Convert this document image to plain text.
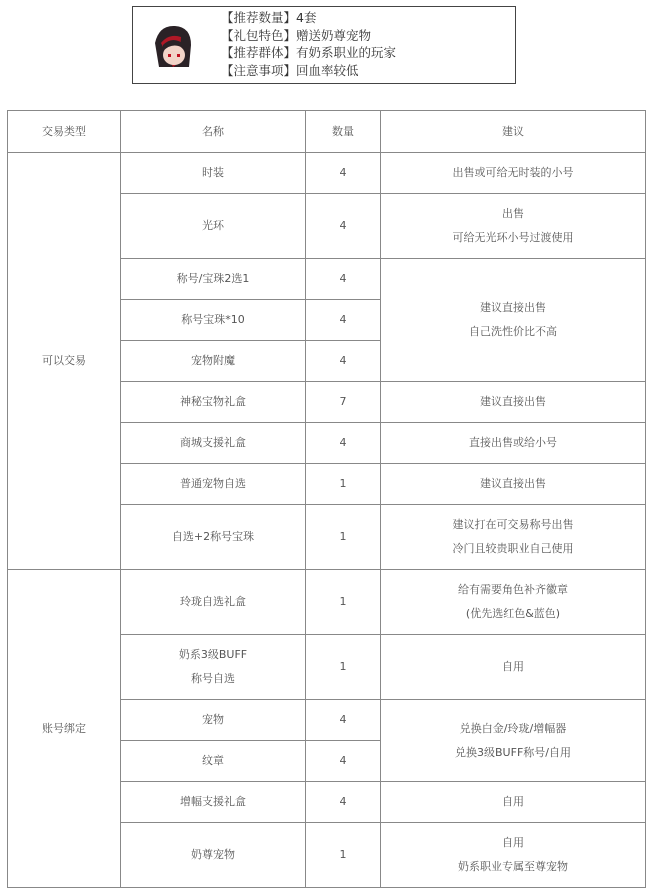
【推荐数量】4套
【礼包特色】赠送奶尊宠物
【推荐群体】有奶系职业的玩家
【注意事项】回血率较低
交易类型	名称	数量	建议
可以交易	时装	4	出售或可给无时装的小号

	光环	4	出售
可给无光环小号过渡使用

	称号/宝珠2选1	4	建议直接出售
自己洗性价比不高

	称号宝珠*10	4	

	宠物附魔	4	

	神秘宝物礼盒	7	建议直接出售

	商城支援礼盒	4	直接出售或给小号

	普通宠物自选	1	建议直接出售

	自选+2称号宝珠	1	建议打在可交易称号出售
冷门且较贵职业自己使用

账号绑定	玲珑自选礼盒	1	给有需要角色补齐徽章
(优先选红色&蓝色)

	奶系3级BUFF
称号自选	1	自用

	宠物	4	兑换白金/玲珑/增幅器
兑换3级BUFF称号/自用

	纹章	4	

	增幅支援礼盒	4	自用

	奶尊宠物	1	自用
奶系职业专属至尊宠物
